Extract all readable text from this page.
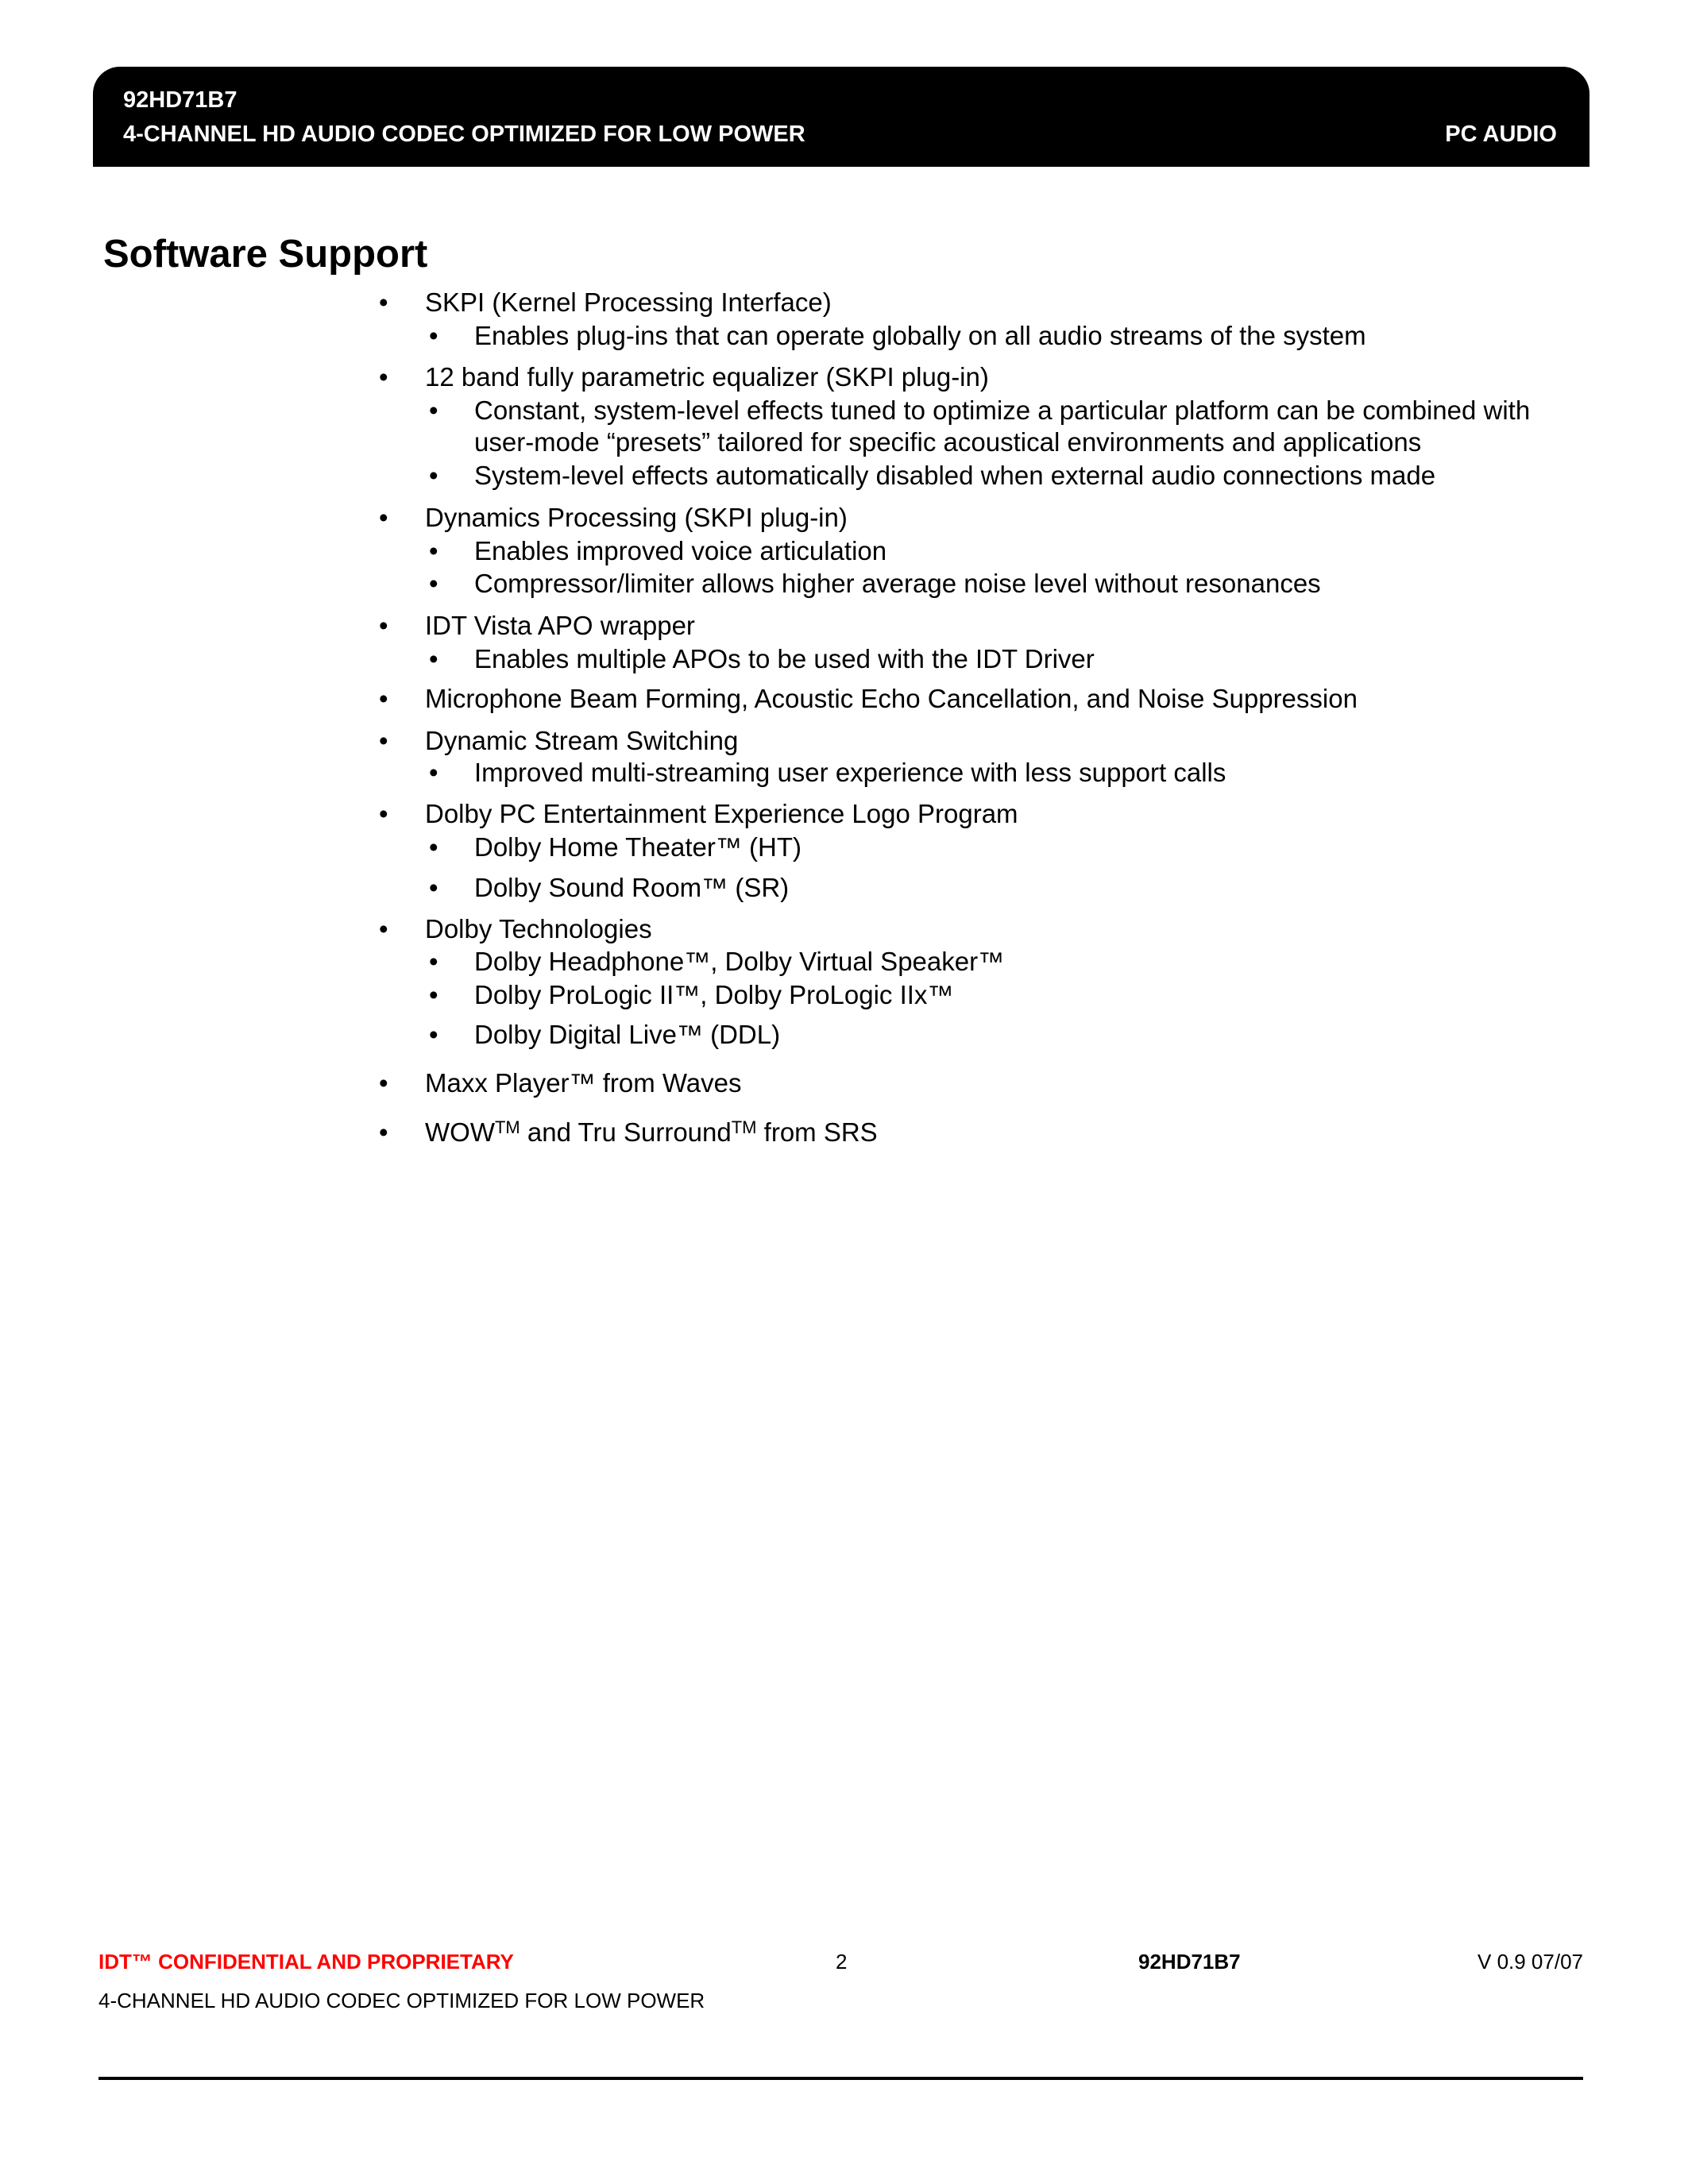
92HD71B7
4-CHANNEL HD AUDIO CODEC OPTIMIZED FOR LOW POWER	PC AUDIO
Software Support
• SKPI (Kernel Processing Interface)
• Enables plug-ins that can operate globally on all audio streams of the system
• 12 band fully parametric equalizer (SKPI plug-in)
• Constant, system-level effects tuned to optimize a particular platform can be combined with
user-mode “presets” tailored for specific acoustical environments and applications
• System-level effects automatically disabled when external audio connections made
• Dynamics Processing (SKPI plug-in)
• Enables improved voice articulation
• Compressor/limiter allows higher average noise level without resonances
• IDT Vista APO wrapper
• Enables multiple APOs to be used with the IDT Driver
• Microphone Beam Forming, Acoustic Echo Cancellation, and Noise Suppression
• Dynamic Stream Switching
• Improved multi-streaming user experience with less support calls
• Dolby PC Entertainment Experience Logo Program
• Dolby Home Theater™ (HT)
• Dolby Sound Room™ (SR)
• Dolby Technologies
• Dolby Headphone™, Dolby Virtual Speaker™
• Dolby ProLogic II™, Dolby ProLogic IIx™
• Dolby Digital Live™ (DDL)
• Maxx Player™ from Waves
• WOW™ and Tru Surround™ from SRS
IDT™ CONFIDENTIAL AND PROPRIETARY	2	92HD71B7	V 0.9 07/07
4-CHANNEL HD AUDIO CODEC OPTIMIZED FOR LOW POWER
